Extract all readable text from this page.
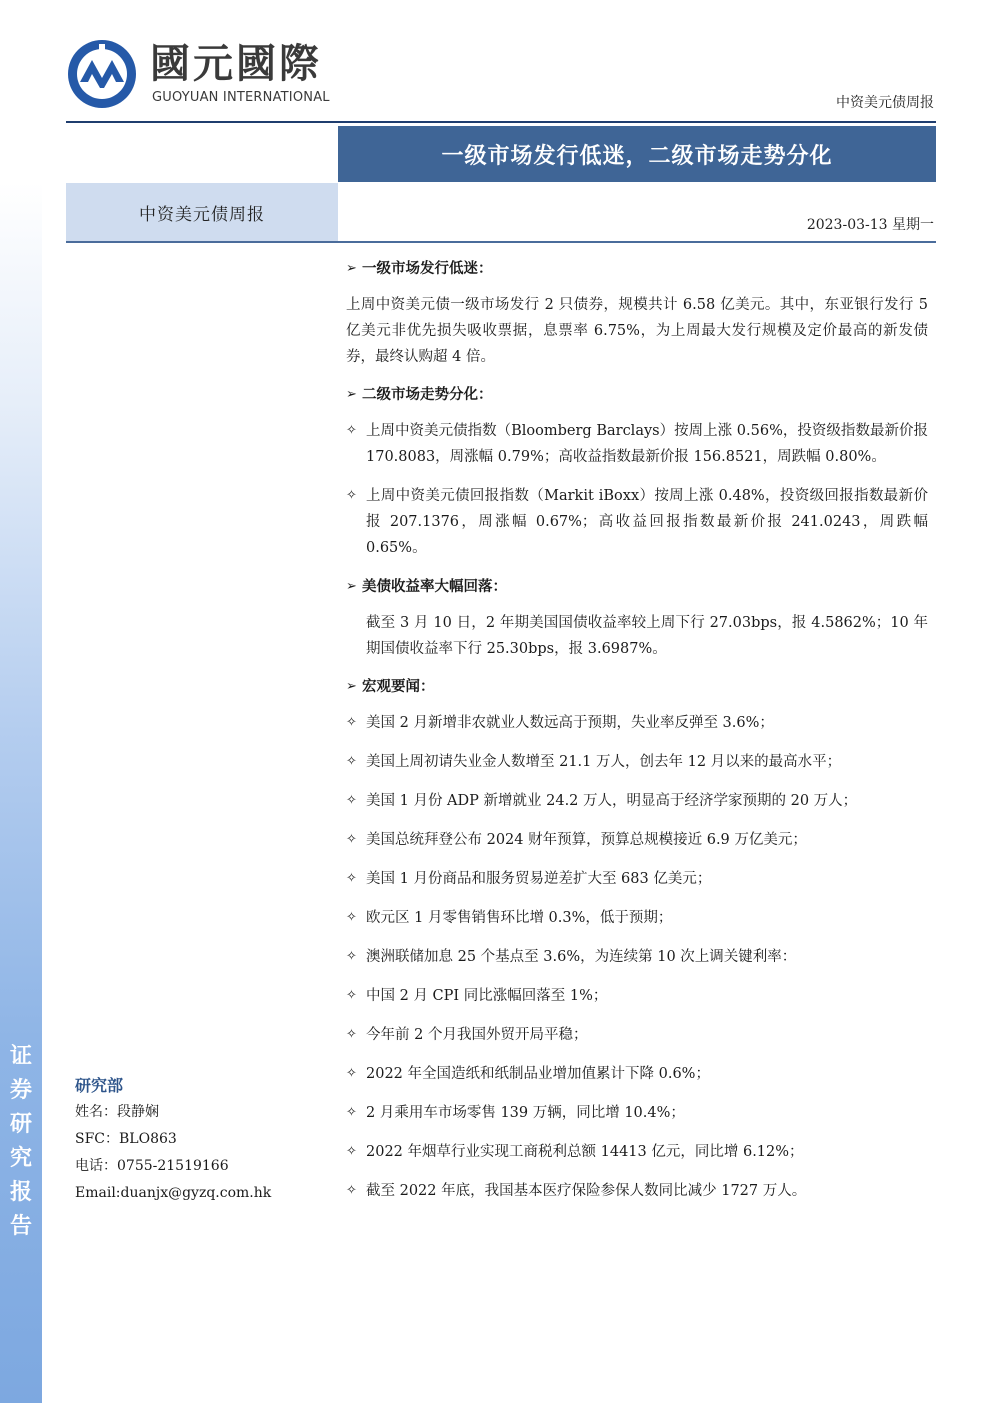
國元國際
GUOYUAN INTERNATIONAL	中资美元债周报
一级市场发行低迷，二级市场走势分化
中资美元债周报
2023-03-13 星期一
证
券
研
究
报
告
➢ 一级市场发行低迷：

上周中资美元债一级市场发行 2 只债券，规模共计 6.58 亿美元。其中，东亚银行发行 5 亿美元非优先损失吸收票据，息票率 6.75%，为上周最大发行规模及定价最高的新发债券，最终认购超 4 倍。

➢ 二级市场走势分化：
✧ 上周中资美元债指数（Bloomberg Barclays）按周上涨 0.56%，投资级指数最新价报 170.8083，周涨幅 0.79%；高收益指数最新价报 156.8521，周跌幅 0.80%。
✧ 上周中资美元债回报指数（Markit iBoxx）按周上涨 0.48%，投资级回报指数最新价报 207.1376，周涨幅 0.67%；高收益回报指数最新价报 241.0243，周跌幅 0.65%。
➢ 美债收益率大幅回落：

截至 3 月 10 日，2 年期美国国债收益率较上周下行 27.03bps，报 4.5862%；10 年期国债收益率下行 25.30bps，报 3.6987%。

➢ 宏观要闻：
✧ 美国 2 月新增非农就业人数远高于预期，失业率反弹至 3.6%；
✧ 美国上周初请失业金人数增至 21.1 万人，创去年 12 月以来的最高水平；
✧ 美国 1 月份 ADP 新增就业 24.2 万人，明显高于经济学家预期的 20 万人；
✧ 美国总统拜登公布 2024 财年预算，预算总规模接近 6.9 万亿美元；
✧ 美国 1 月份商品和服务贸易逆差扩大至 683 亿美元；
✧ 欧元区 1 月零售销售环比增 0.3%，低于预期；
✧ 澳洲联储加息 25 个基点至 3.6%，为连续第 10 次上调关键利率：
✧ 中国 2 月 CPI 同比涨幅回落至 1%；
✧ 今年前 2 个月我国外贸开局平稳；
✧ 2022 年全国造纸和纸制品业增加值累计下降 0.6%；
✧ 2 月乘用车市场零售 139 万辆，同比增 10.4%；
✧ 2022 年烟草行业实现工商税利总额 14413 亿元，同比增 6.12%；
✧ 截至 2022 年底，我国基本医疗保险参保人数同比减少 1727 万人。
研究部
姓名：段静娴
SFC：BLO863
电话：0755-21519166
Email:duanjx@gyzq.com.hk
